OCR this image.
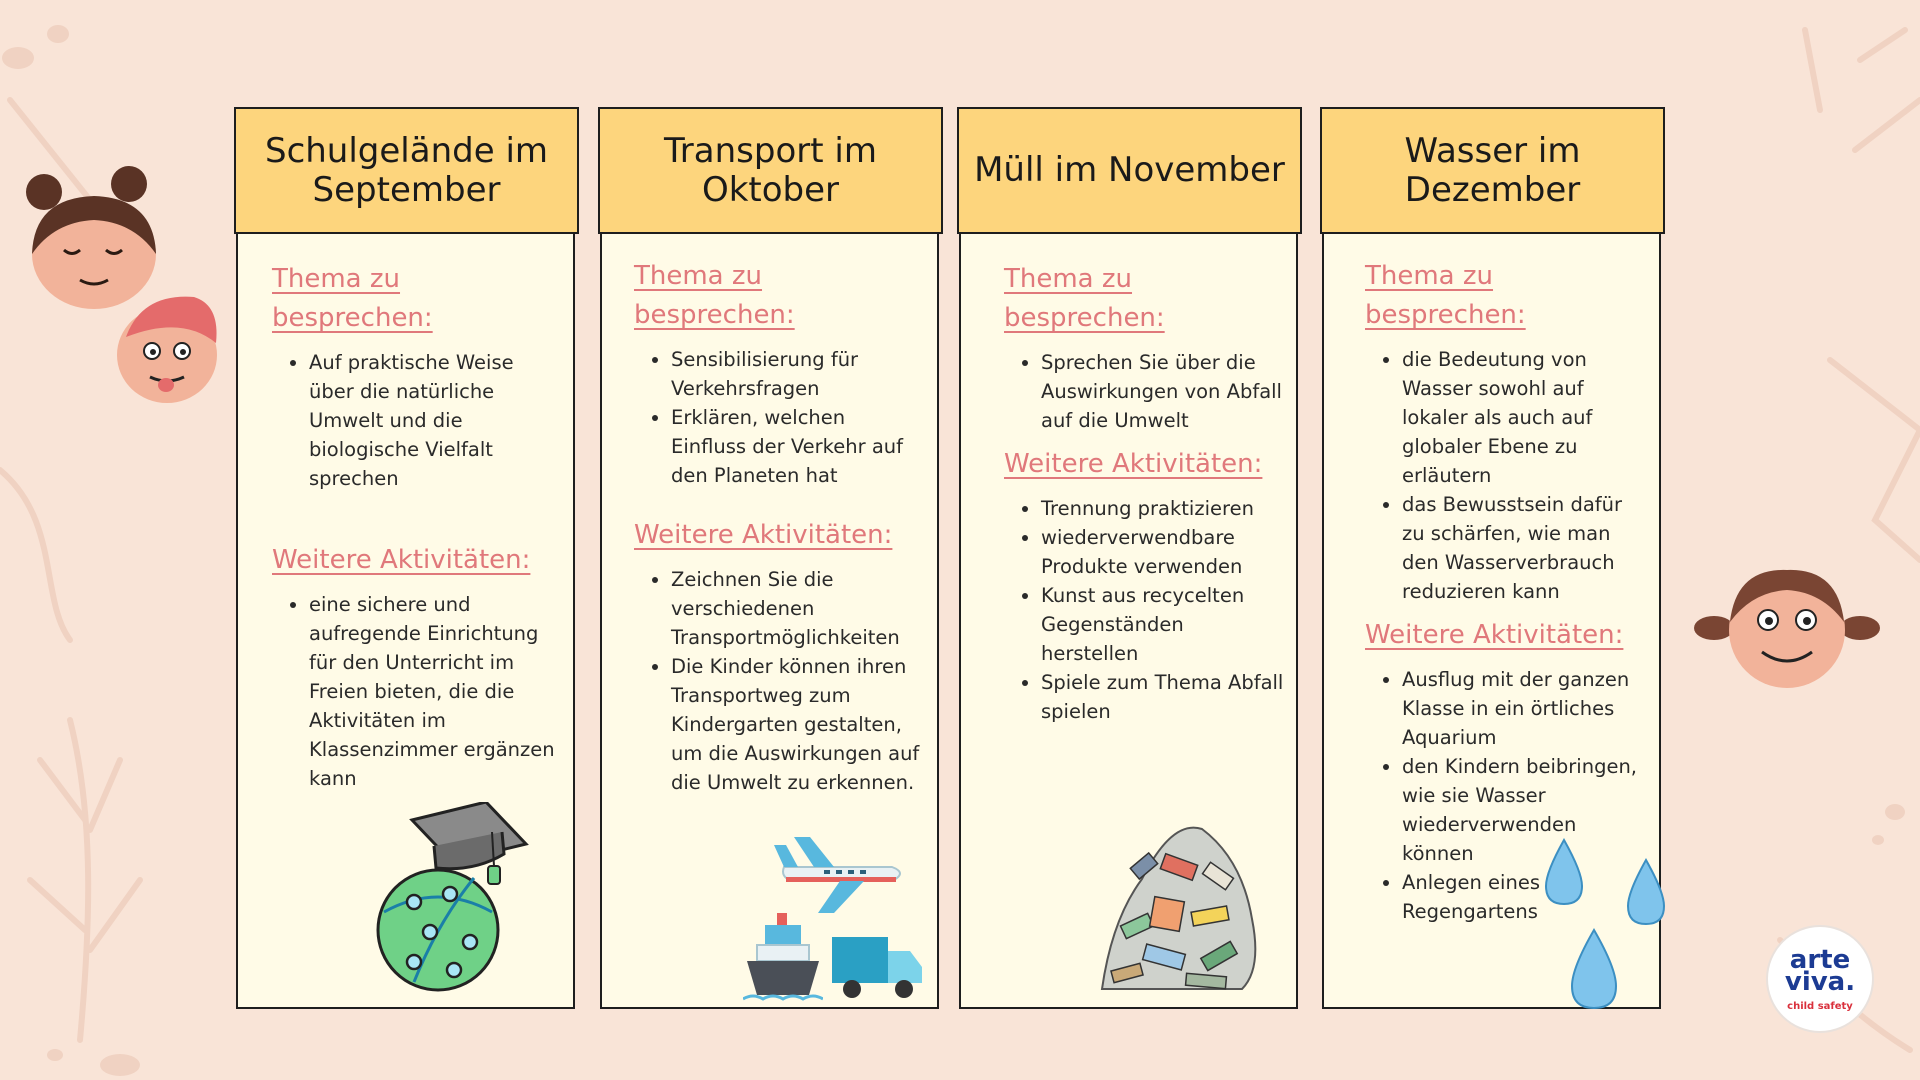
Schulgelände im September

Thema zu besprechen:

• Auf praktische Weise über die natürliche Umwelt und die biologische Vielfalt sprechen

Weitere Aktivitäten:

• eine sichere und aufregende Einrichtung für den Unterricht im Freien bieten, die die Aktivitäten im Klassenzimmer ergänzen kann
Transport im Oktober

Thema zu besprechen:

• Sensibilisierung für Verkehrsfragen
• Erklären, welchen Einfluss der Verkehr auf den Planeten hat

Weitere Aktivitäten:

• Zeichnen Sie die verschiedenen Transportmöglichkeiten
• Die Kinder können ihren Transportweg zum Kindergarten gestalten, um die Auswirkungen auf die Umwelt zu erkennen.
Müll im November

Thema zu besprechen:

• Sprechen Sie über die Auswirkungen von Abfall auf die Umwelt

Weitere Aktivitäten:

• Trennung praktizieren
• wiederverwendbare Produkte verwenden
• Kunst aus recycelten Gegenständen herstellen
• Spiele zum Thema Abfall spielen
Wasser im Dezember

Thema zu besprechen:

• die Bedeutung von Wasser sowohl auf lokaler als auch auf globaler Ebene zu erläutern
• das Bewusstsein dafür zu schärfen, wie man den Wasserverbrauch reduzieren kann

Weitere Aktivitäten:

• Ausflug mit der ganzen Klasse in ein örtliches Aquarium
• den Kindern beibringen, wie sie Wasser wiederverwenden können
• Anlegen eines Regengartens
arte
viva.
child safety
